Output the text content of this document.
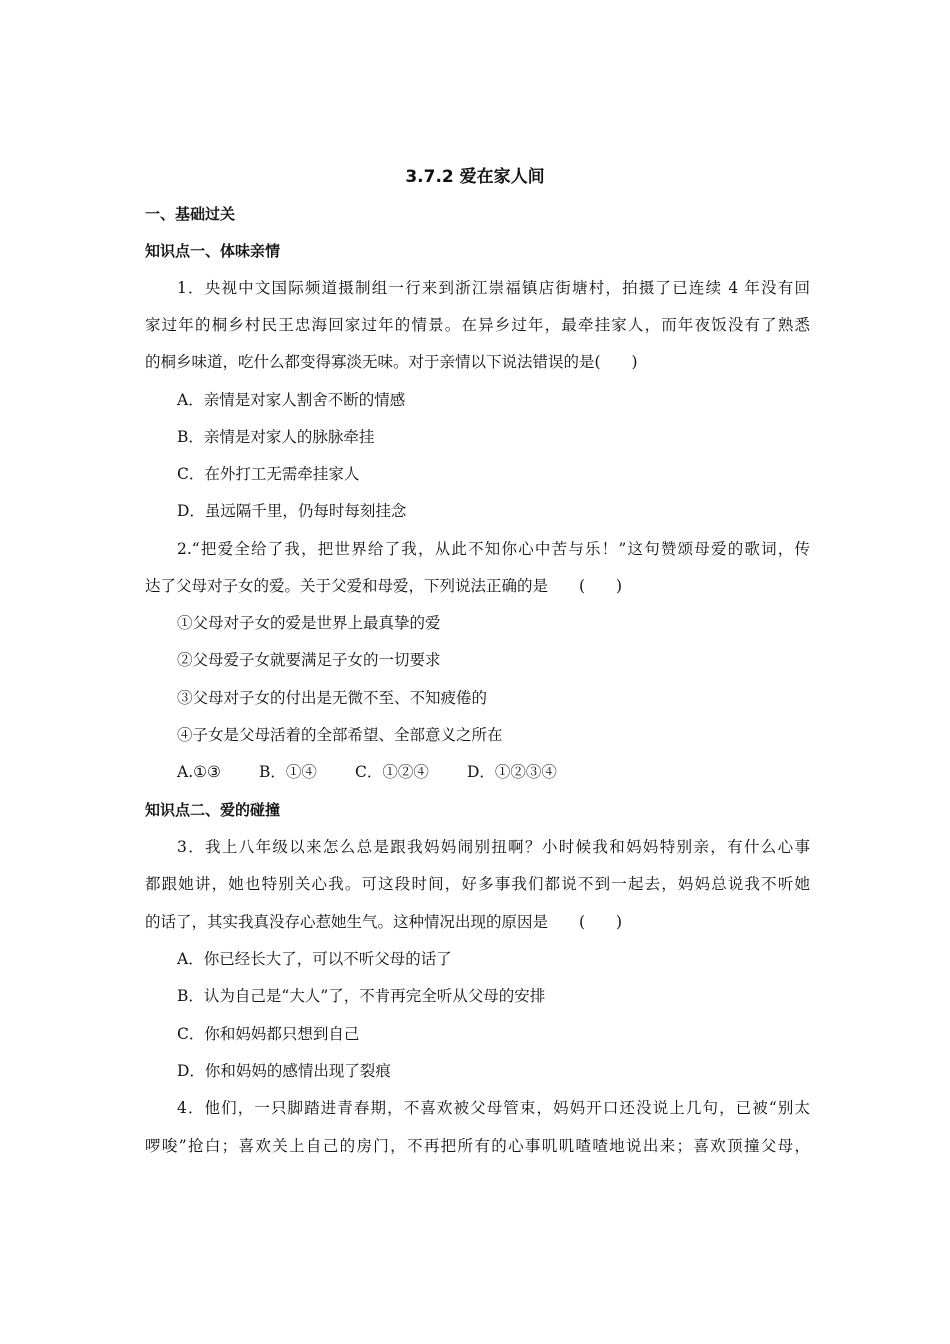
3.7.2 爱在家人间
一、基础过关
知识点一、体味亲情
1．央视中文国际频道摄制组一行来到浙江崇福镇店街塘村，拍摄了已连续 4 年没有回
家过年的桐乡村民王忠海回家过年的情景。在异乡过年，最牵挂家人，而年夜饭没有了熟悉
的桐乡味道，吃什么都变得寡淡无味。对于亲情以下说法错误的是(　　)
A．亲情是对家人割舍不断的情感
B．亲情是对家人的脉脉牵挂
C．在外打工无需牵挂家人
D．虽远隔千里，仍每时每刻挂念
2.“把爱全给了我，把世界给了我，从此不知你心中苦与乐！”这句赞颂母爱的歌词，传
达了父母对子女的爱。关于父爱和母爱，下列说法正确的是　　(　　)
①父母对子女的爱是世界上最真挚的爱
②父母爱子女就要满足子女的一切要求
③父母对子女的付出是无微不至、不知疲倦的
④子女是父母活着的全部希望、全部意义之所在
A.①③ B．①④ C．①②④ D．①②③④
知识点二、爱的碰撞
3．我上八年级以来怎么总是跟我妈妈闹别扭啊？小时候我和妈妈特别亲，有什么心事
都跟她讲，她也特别关心我。可这段时间，好多事我们都说不到一起去，妈妈总说我不听她
的话了，其实我真没存心惹她生气。这种情况出现的原因是　　(　　)
A．你已经长大了，可以不听父母的话了
B．认为自己是“大人”了，不肯再完全听从父母的安排
C．你和妈妈都只想到自己
D．你和妈妈的感情出现了裂痕
4．他们，一只脚踏进青春期，不喜欢被父母管束，妈妈开口还没说上几句，已被“别太
啰唆”抢白；喜欢关上自己的房门，不再把所有的心事叽叽喳喳地说出来；喜欢顶撞父母，
